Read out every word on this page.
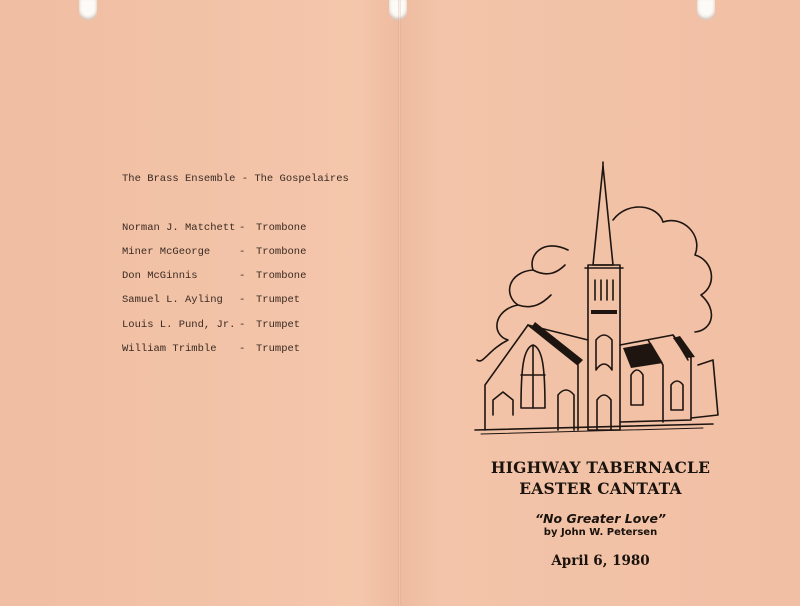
The Brass Ensemble - The Gospelaires
Norman J. Matchett - Trombone
Miner McGeorge	- Trombone
Don McGinnis	- Trombone
Samuel L. Ayling - Trumpet
Louis L. Pund, Jr. - Trumpet
William Trimble - Trumpet
HIGHWAY TABERNACLE
EASTER CANTATA
“No Greater Love”
by John W. Petersen
April 6, 1980
